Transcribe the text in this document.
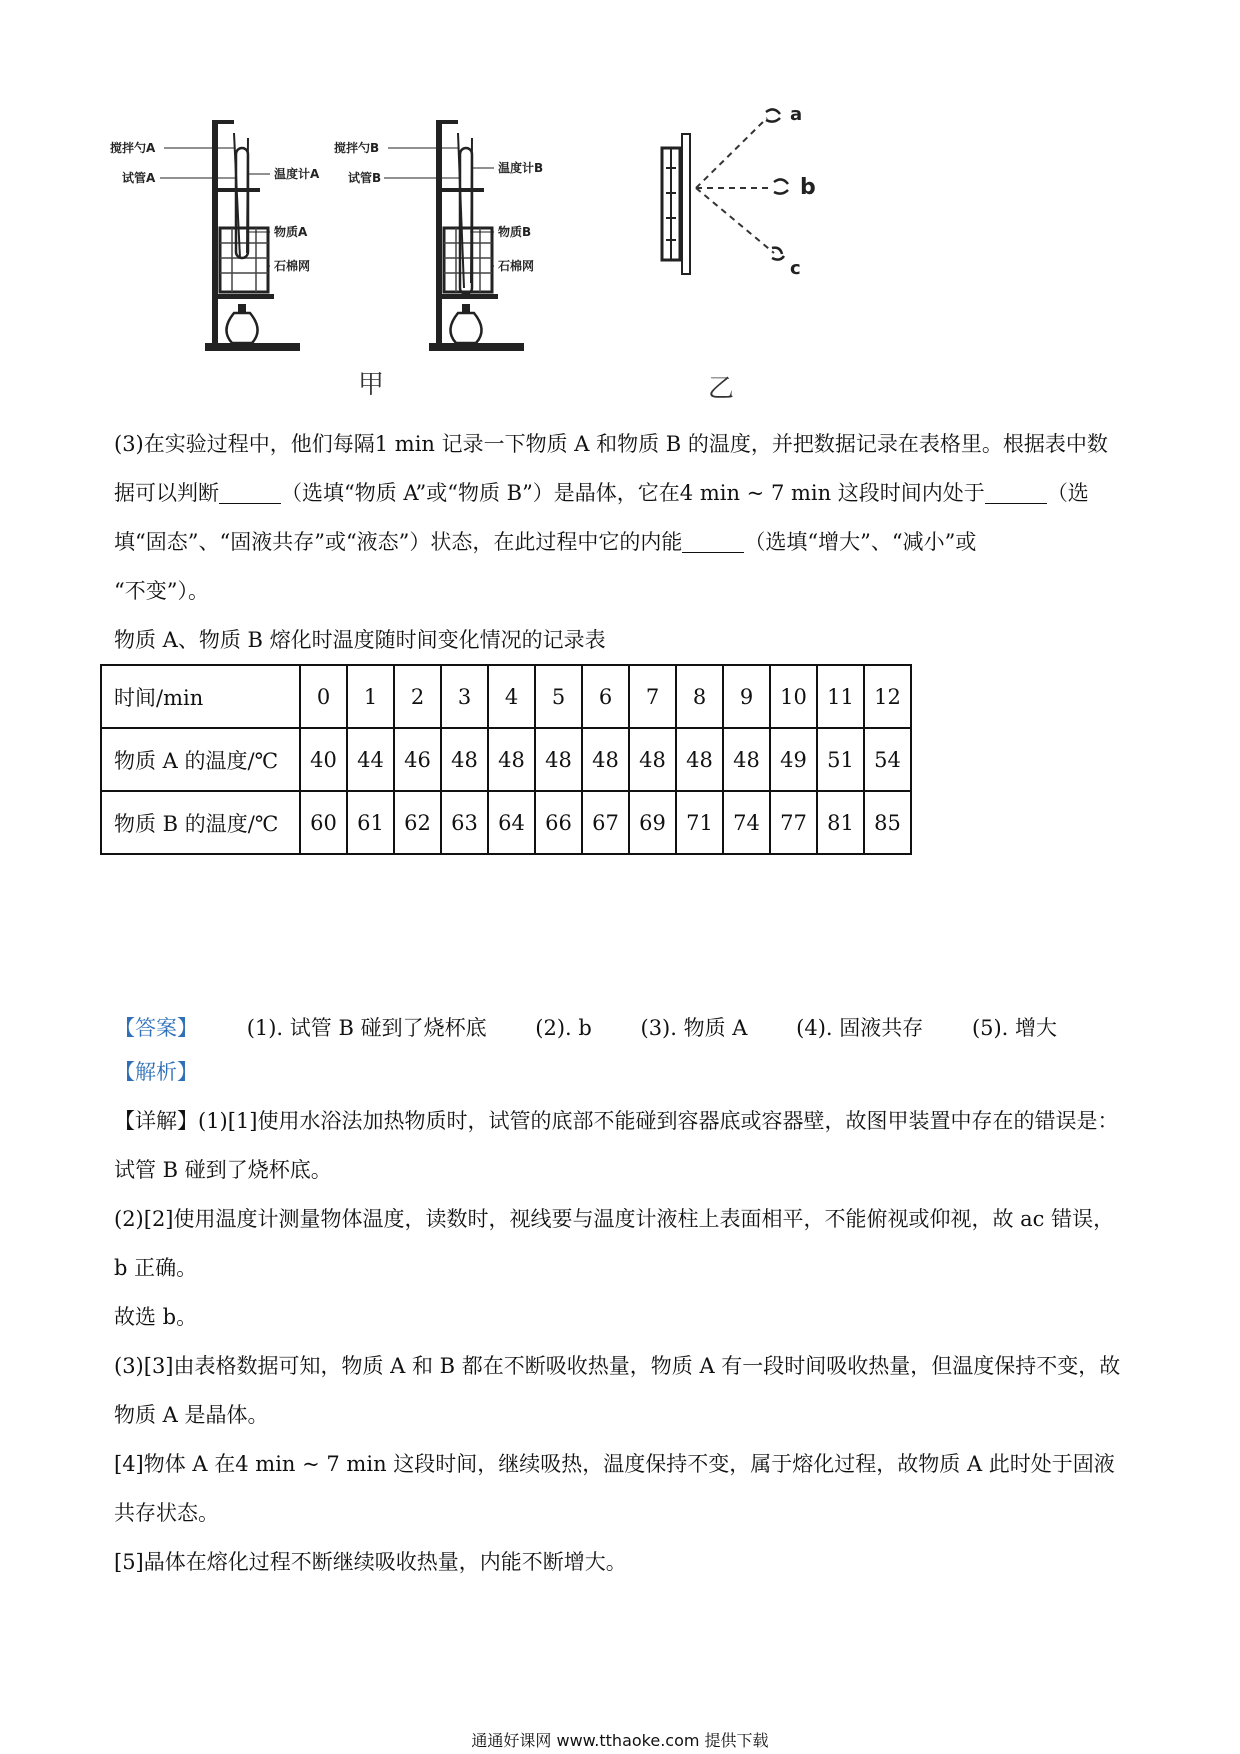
搅拌勺A
试管A	温度计A
物质A
石棉网
搅拌勺B
试管B
温度计B
物质B
石棉网
a
b
c
甲	乙
(3)在实验过程中，他们每隔1 min 记录一下物质 A 和物质 B 的温度，并把数据记录在表格里。根据表中数
据可以判断	（选填“物质 A”或“物质 B”）是晶体，它在4 min ~ 7 min 这段时间内处于	（选
填“固态”、“固液共存”或“液态”）状态，在此过程中它的内能	（选填“增大”、“减小”或
“不变”）。
物质 A、物质 B 熔化时温度随时间变化情况的记录表
时间/min	0	1	2	3	4	5	6	7	8	9	10	11	12
物质 A 的温度/℃	40	44	46	48	48	48	48	48	48	48	49	51	54
物质 B 的温度/℃	60	61	62	63	64	66	67	69	71	74	77	81	85
【答案】 (1). 试管 B 碰到了烧杯底 (2). b (3). 物质 A (4). 固液共存 (5). 增大
【解析】
【详解】(1)[1]使用水浴法加热物质时，试管的底部不能碰到容器底或容器壁，故图甲装置中存在的错误是：
试管 B 碰到了烧杯底。
(2)[2]使用温度计测量物体温度，读数时，视线要与温度计液柱上表面相平，不能俯视或仰视，故 ac 错误，
b 正确。
故选 b。
(3)[3]由表格数据可知，物质 A 和 B 都在不断吸收热量，物质 A 有一段时间吸收热量，但温度保持不变，故
物质 A 是晶体。
[4]物体 A 在4 min ~ 7 min 这段时间，继续吸热，温度保持不变，属于熔化过程，故物质 A 此时处于固液
共存状态。
[5]晶体在熔化过程不断继续吸收热量，内能不断增大。
通通好课网 www.tthaoke.com 提供下载
